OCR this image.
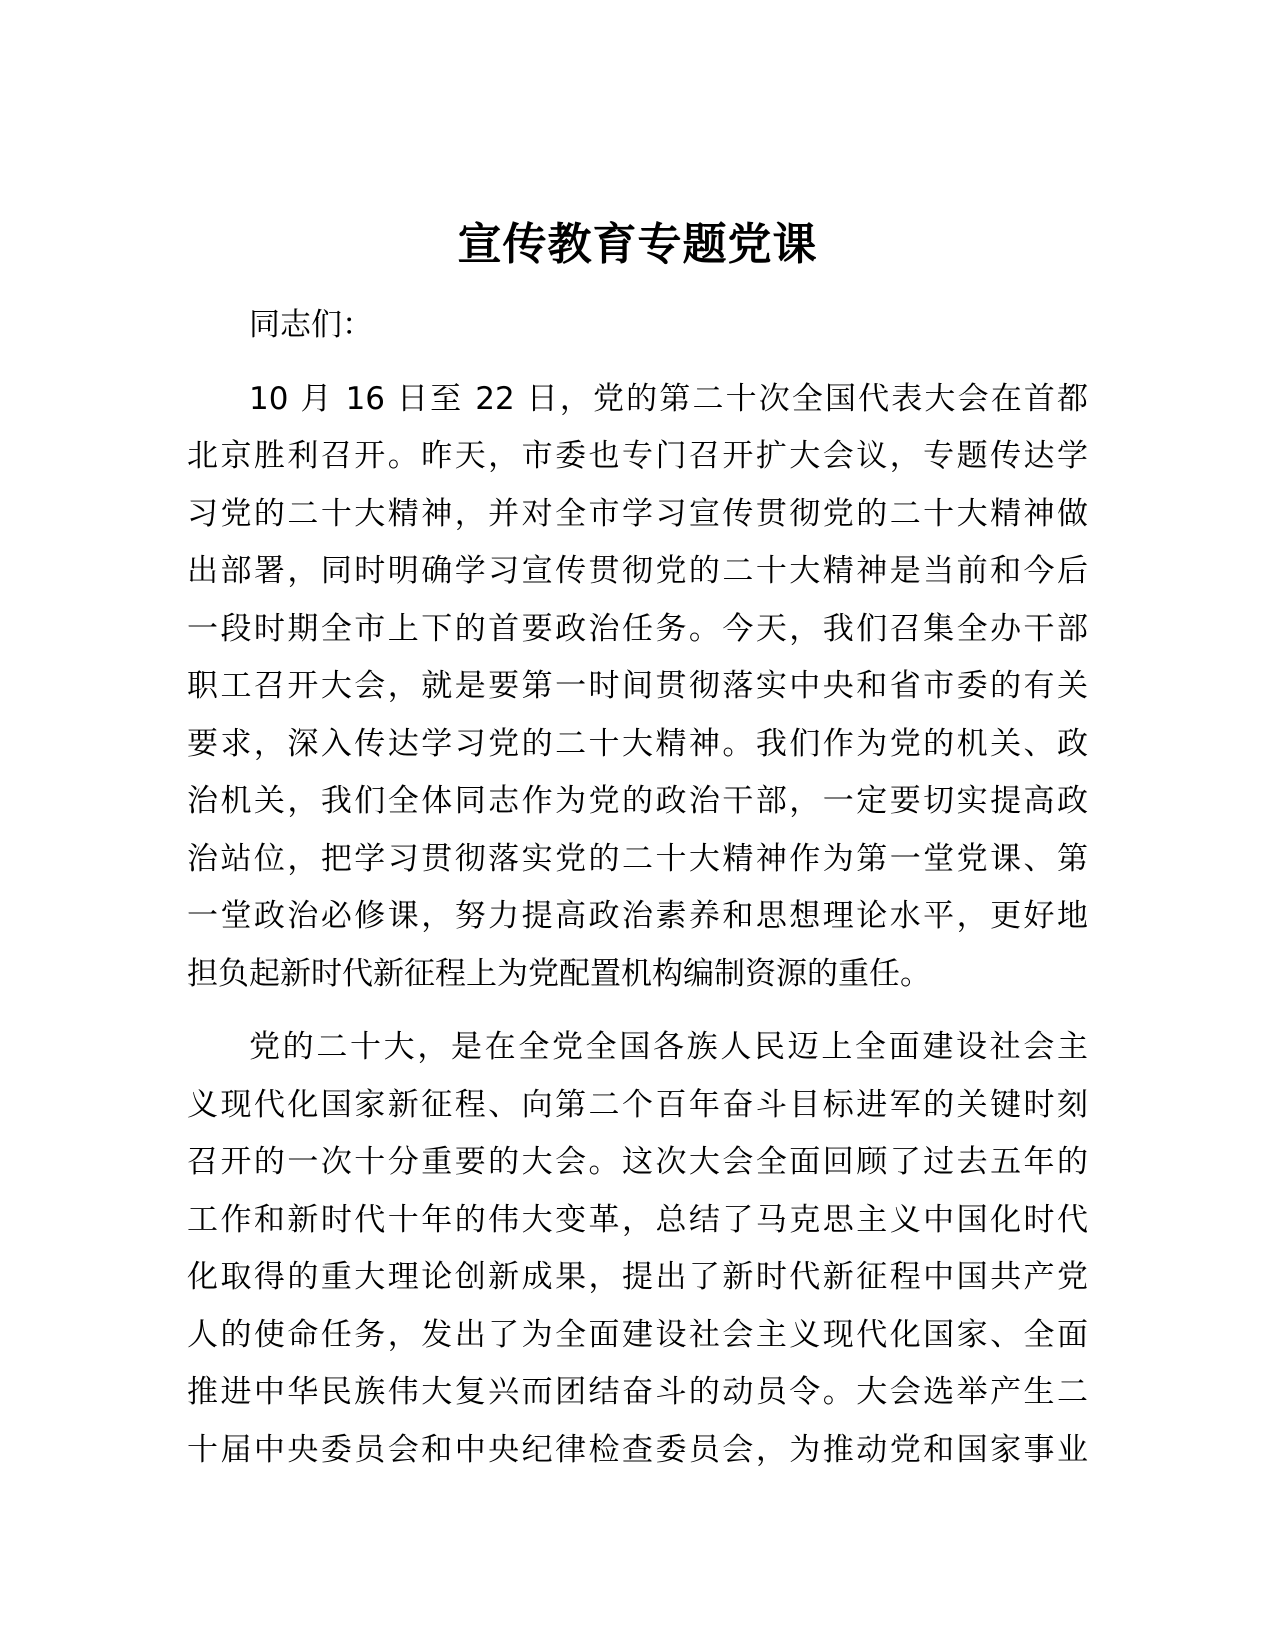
宣传教育专题党课
同志们：
10 月 16 日至 22 日，党的第二十次全国代表大会在首都
北京胜利召开。昨天，市委也专门召开扩大会议，专题传达学
习党的二十大精神，并对全市学习宣传贯彻党的二十大精神做
出部署，同时明确学习宣传贯彻党的二十大精神是当前和今后
一段时期全市上下的首要政治任务。今天，我们召集全办干部
职工召开大会，就是要第一时间贯彻落实中央和省市委的有关
要求，深入传达学习党的二十大精神。我们作为党的机关、政
治机关，我们全体同志作为党的政治干部，一定要切实提高政
治站位，把学习贯彻落实党的二十大精神作为第一堂党课、第
一堂政治必修课，努力提高政治素养和思想理论水平，更好地
担负起新时代新征程上为党配置机构编制资源的重任。
党的二十大，是在全党全国各族人民迈上全面建设社会主
义现代化国家新征程、向第二个百年奋斗目标进军的关键时刻
召开的一次十分重要的大会。这次大会全面回顾了过去五年的
工作和新时代十年的伟大变革，总结了马克思主义中国化时代
化取得的重大理论创新成果，提出了新时代新征程中国共产党
人的使命任务，发出了为全面建设社会主义现代化国家、全面
推进中华民族伟大复兴而团结奋斗的动员令。大会选举产生二
十届中央委员会和中央纪律检查委员会，为推动党和国家事业
